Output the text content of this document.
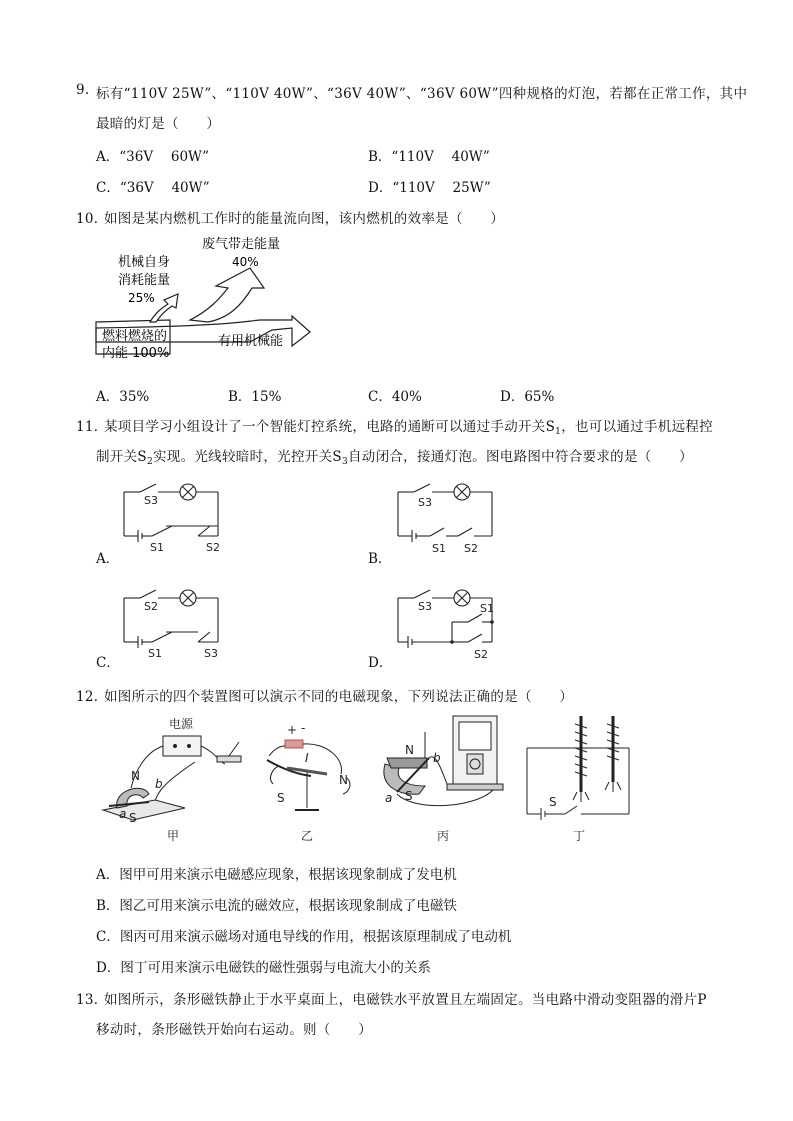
9. 标有“110V 25W”、“110V 40W”、“36V 40W”、“36V 60W”四种规格的灯泡，若都在正常工作，其中
最暗的灯是（　　）
A．“36V　 60W”	B．“110V　 40W”
C．“36V　 40W”	D．“110V　 25W”
10．
如图是某内燃机工作时的能量流向图，该内燃机的效率是（　　）
废气带走能量
40%
机械自身
消耗能量
25%
燃料燃烧的
内能 100%
有用机械能
A．35%	B．15%	C．40%	D．65%
11．
某项目学习小组设计了一个智能灯控系统，电路的通断可以通过手动开关$S_1$，也可以通过手机远程控
制开关$S_2$实现。光线较暗时，光控开关$S_3$自动闭合，接通灯泡。图电路图中符合要求的是（　　）
A．
S3
S1	S2
B．
S3
S1 S2
C．
S2
S1	S3
D．
S3	S1
S2
12．
如图所示的四个装置图可以演示不同的电磁现象，下列说法正确的是（　　）
电源
N
b
a S
甲
+ -
I
N
S
乙
N
b
a S
丙
S
丁
A．图甲可用来演示电磁感应现象，根据该现象制成了发电机
B．图乙可用来演示电流的磁效应，根据该现象制成了电磁铁
C．图丙可用来演示磁场对通电导线的作用，根据该原理制成了电动机
D．图丁可用来演示电磁铁的磁性强弱与电流大小的关系
13．
如图所示，条形磁铁静止于水平桌面上，电磁铁水平放置且左端固定。当电路中滑动变阻器的滑片P
移动时，条形磁铁开始向右运动。则（　　）
